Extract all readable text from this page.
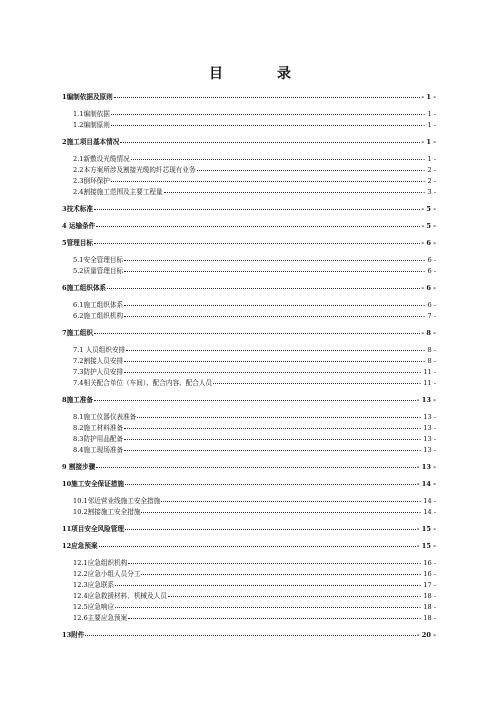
目　录
1编制依据及原则	- 1 -
1.1编制依据	- 1 -
1.2编制原则	- 1 -
2施工项目基本情况	- 1 -
2.1新敷设光缆情况	- 1 -
2.2本方案所涉及割接光缆的纤芯现有业务	- 2 -
2.3倒环保护	- 2 -
2.4割接施工范围及主要工程量	- 3 -
3技术标准	- 5 -
4 运输条件	- 5 -
5管理目标	- 6 -
5.1安全管理目标	- 6 -
5.2质量管理目标	- 6 -
6施工组织体系	- 6 -
6.1施工组织体系	- 6 -
6.2施工组织机构	- 7 -
7施工组织	- 8 -
7.1 人员组织安排	- 8 -
7.2割接人员安排	- 8 -
7.3防护人员安排	- 11 -
7.4相关配合单位（车间）、配合内容、配合人员	- 11 -
8施工准备	- 13 -
8.1施工仪器仪表准备	- 13 -
8.2施工材料准备	- 13 -
8.3防护用品配备	- 13 -
8.4施工现场准备	- 13 -
9 割接步骤	- 13 -
10施工安全保证措施	- 14 -
10.1邻近营业线施工安全措施	- 14 -
10.2割接施工安全措施	- 14 -
11项目安全风险管理	- 15 -
12应急预案	- 15 -
12.1应急组织机构	- 16 -
12.2应急小组人员分工	- 16 -
12.3应急联系	- 17 -
12.4应急救援材料、机械及人员	- 18 -
12.5应急响应	- 18 -
12.6主要应急预案	- 18 -
13附件	- 20 -
